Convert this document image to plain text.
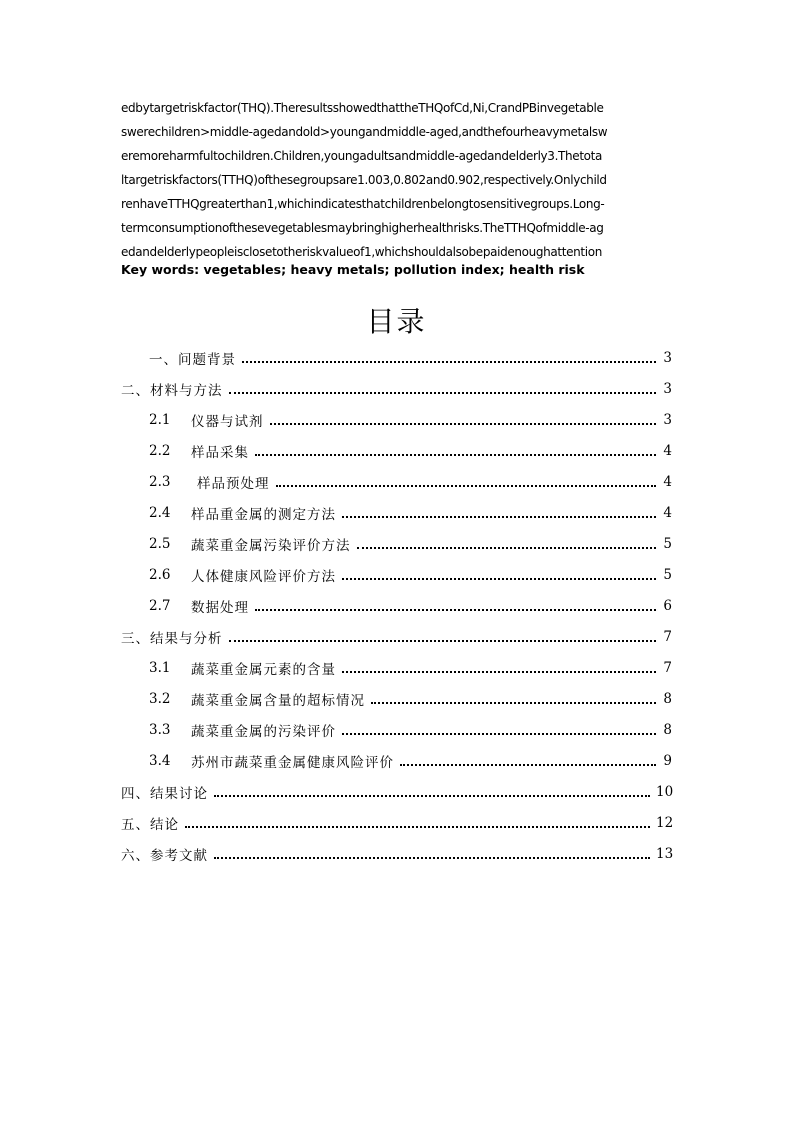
edbytargetriskfactor(THQ).TheresultsshowedthattheTHQofCd,Ni,CrandPBinvegetable
swerechildren>middle-agedandold>youngandmiddle-aged,andthefourheavymetalsw
eremoreharmfultochildren.Children,youngadultsandmiddle-agedandelderly3.Thetota
ltargetriskfactors(TTHQ)ofthesegroupsare1.003,0.802and0.902,respectively.Onlychild
renhaveTTHQgreaterthan1,whichindicatesthatchildrenbelongtosensitivegroups.Long-
termconsumptionofthesevegetablesmaybringhigherhealthrisks.TheTTHQofmiddle-ag
edandelderlypeopleisclosetotheriskvalueof1,whichshouldalsobepaidenoughattention
Key words: vegetables; heavy metals; pollution index; health risk
目录
一、问题背景	3
二、材料与方法	3
2.1	仪器与试剂	3
2.2	样品采集	4
2.3	样品预处理	4
2.4	样品重金属的测定方法	4
2.5	蔬菜重金属污染评价方法	5
2.6	人体健康风险评价方法	5
2.7	数据处理	6
三、结果与分析	7
3.1	蔬菜重金属元素的含量	7
3.2	蔬菜重金属含量的超标情况	8
3.3	蔬菜重金属的污染评价	8
3.4	苏州市蔬菜重金属健康风险评价	9
四、结果讨论	10
五、结论	12
六、参考文献	13
